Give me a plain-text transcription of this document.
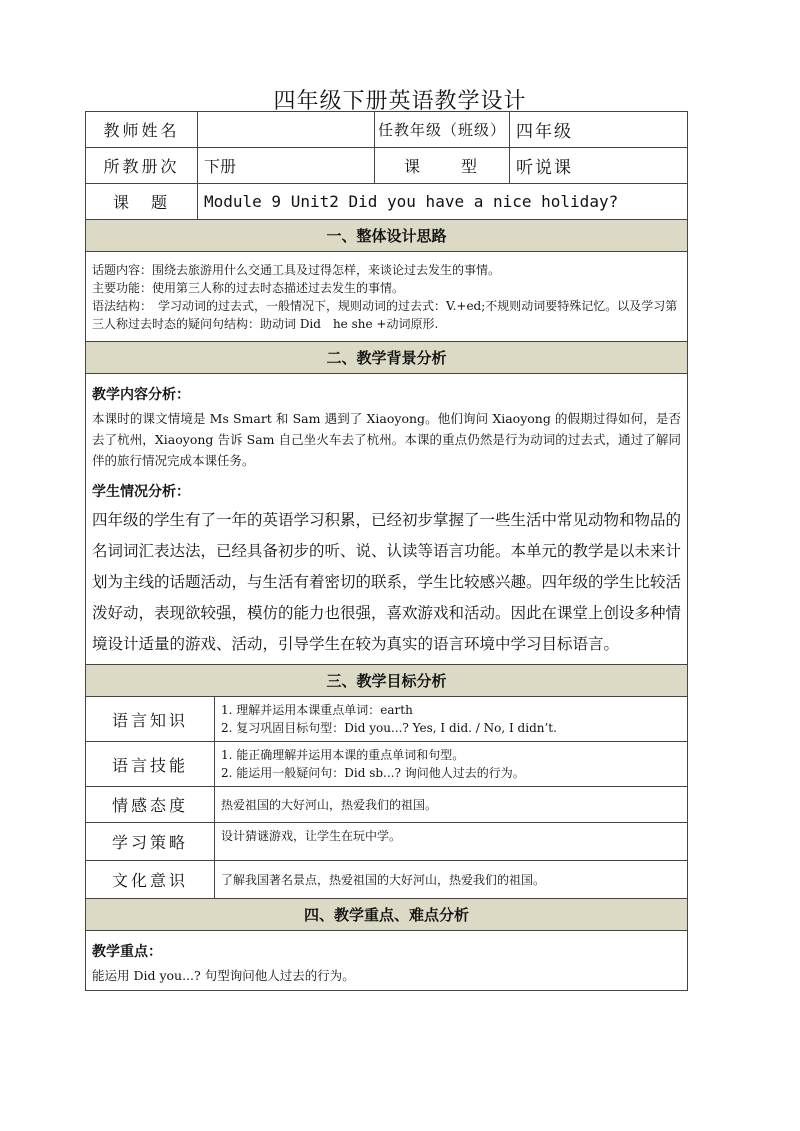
四年级下册英语教学设计
教师姓名			任教年级（班级）	四年级
所教册次	下册		课　　型	听说课
课　题	Module 9 Unit2 Did you have a nice holiday?			
一、整体设计思路				

话题内容：围绕去旅游用什么交通工具及过得怎样，来谈论过去发生的事情。

主要功能：使用第三人称的过去时态描述过去发生的事情。

语法结构：　学习动词的过去式，一般情况下，规则动词的过去式：V.+ed;不规则动词要特殊记忆。以及学习第三人称过去时态的疑问句结构：助动词 Did　he she +动词原形.				

二、教学背景分析				

教学内容分析：

本课时的课文情境是 Ms Smart 和 Sam 遇到了 Xiaoyong。他们询问 Xiaoyong 的假期过得如何，是否去了杭州，Xiaoyong 告诉 Sam 自己坐火车去了杭州。本课的重点仍然是行为动词的过去式，通过了解同伴的旅行情况完成本课任务。

学生情况分析：

四年级的学生有了一年的英语学习积累，已经初步掌握了一些生活中常见动物和物品的名词词汇表达法，已经具备初步的听、说、认读等语言功能。本单元的教学是以未来计划为主线的话题活动，与生活有着密切的联系，学生比较感兴趣。四年级的学生比较活泼好动，表现欲较强，模仿的能力也很强，喜欢游戏和活动。因此在课堂上创设多种情境设计适量的游戏、活动，引导学生在较为真实的语言环境中学习目标语言。				

三、教学目标分析				
语言知识		1. 理解并运用本课重点单词：earth

2. 复习巩固目标句型：Did you...? Yes, I did. / No, I didn’t.		

语言技能		1. 能正确理解并运用本课的重点单词和句型。

2. 能运用一般疑问句：Did sb...? 询问他人过去的行为。		

情感态度		热爱祖国的大好河山，热爱我们的祖国。		

学习策略		设计猜谜游戏，让学生在玩中学。		

文化意识		了解我国著名景点，热爱祖国的大好河山，热爱我们的祖国。		

四、教学重点、难点分析				

教学重点：

能运用 Did you...? 句型询问他人过去的行为。				
